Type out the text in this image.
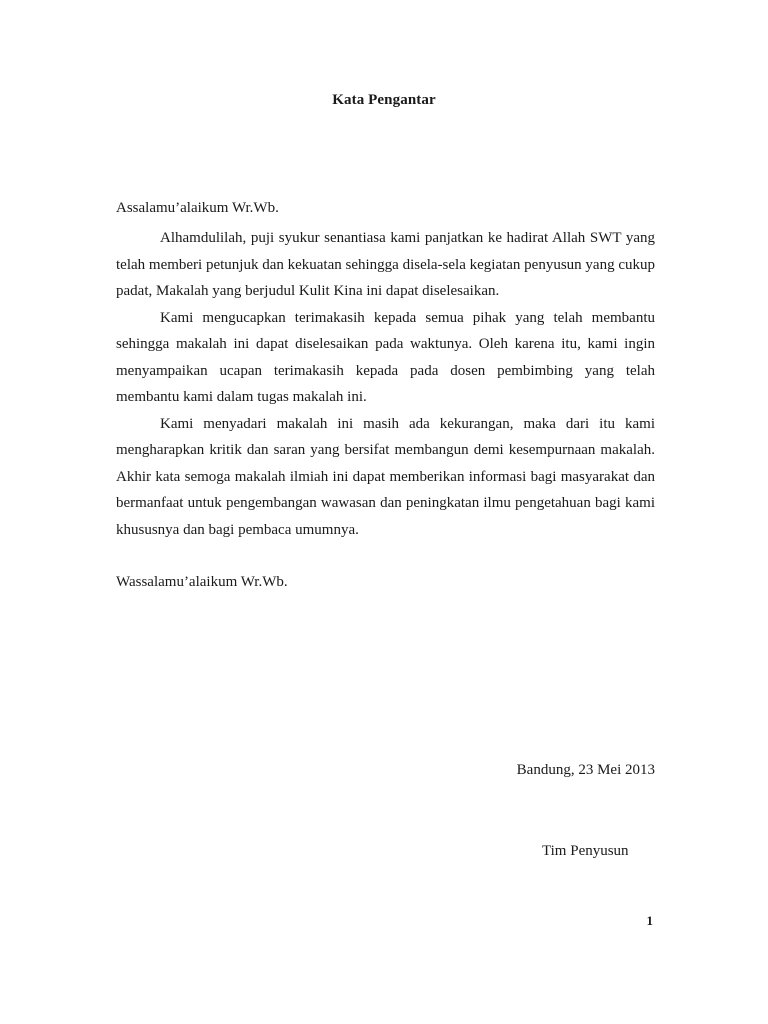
Kata Pengantar
Assalamu’alaikum Wr.Wb.

Alhamdulilah, puji syukur senantiasa kami panjatkan ke hadirat Allah SWT yang telah memberi petunjuk dan kekuatan sehingga disela-sela kegiatan penyusun yang cukup padat, Makalah yang berjudul Kulit Kina ini dapat diselesaikan.

Kami mengucapkan terimakasih kepada semua pihak yang telah membantu sehingga makalah ini dapat diselesaikan pada waktunya. Oleh karena itu, kami ingin menyampaikan ucapan terimakasih kepada pada dosen pembimbing yang telah membantu kami dalam tugas makalah ini.

Kami menyadari makalah ini masih ada kekurangan, maka dari itu kami mengharapkan kritik dan saran yang bersifat membangun demi kesempurnaan makalah. Akhir kata semoga makalah ilmiah ini dapat memberikan informasi bagi masyarakat dan bermanfaat untuk pengembangan wawasan dan peningkatan ilmu pengetahuan bagi kami khususnya dan bagi pembaca umumnya.

Wassalamu’alaikum Wr.Wb.
Bandung, 23 Mei 2013
Tim Penyusun
1
